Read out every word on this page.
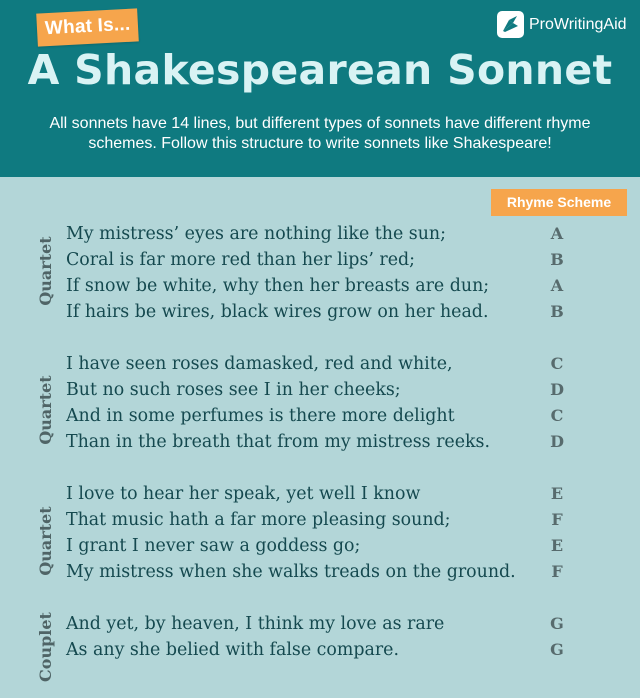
What Is...	ProWritingAid
A Shakespearean Sonnet
All sonnets have 14 lines, but different types of sonnets have different rhyme schemes. Follow this structure to write sonnets like Shakespeare!
Rhyme Scheme
Quartet
My mistress’ eyes are nothing like the sun;	A
Coral is far more red than her lips’ red;	B
If snow be white, why then her breasts are dun;	A
If hairs be wires, black wires grow on her head.	B
Quartet
I have seen roses damasked, red and white,	C
But no such roses see I in her cheeks;	D
And in some perfumes is there more delight	C
Than in the breath that from my mistress reeks.	D
Quartet
I love to hear her speak, yet well I know	E
That music hath a far more pleasing sound;	F
I grant I never saw a goddess go;	E
My mistress when she walks treads on the ground.	F
Couplet And yet, by heaven, I think my love as rare	G
As any she belied with false compare.	G
